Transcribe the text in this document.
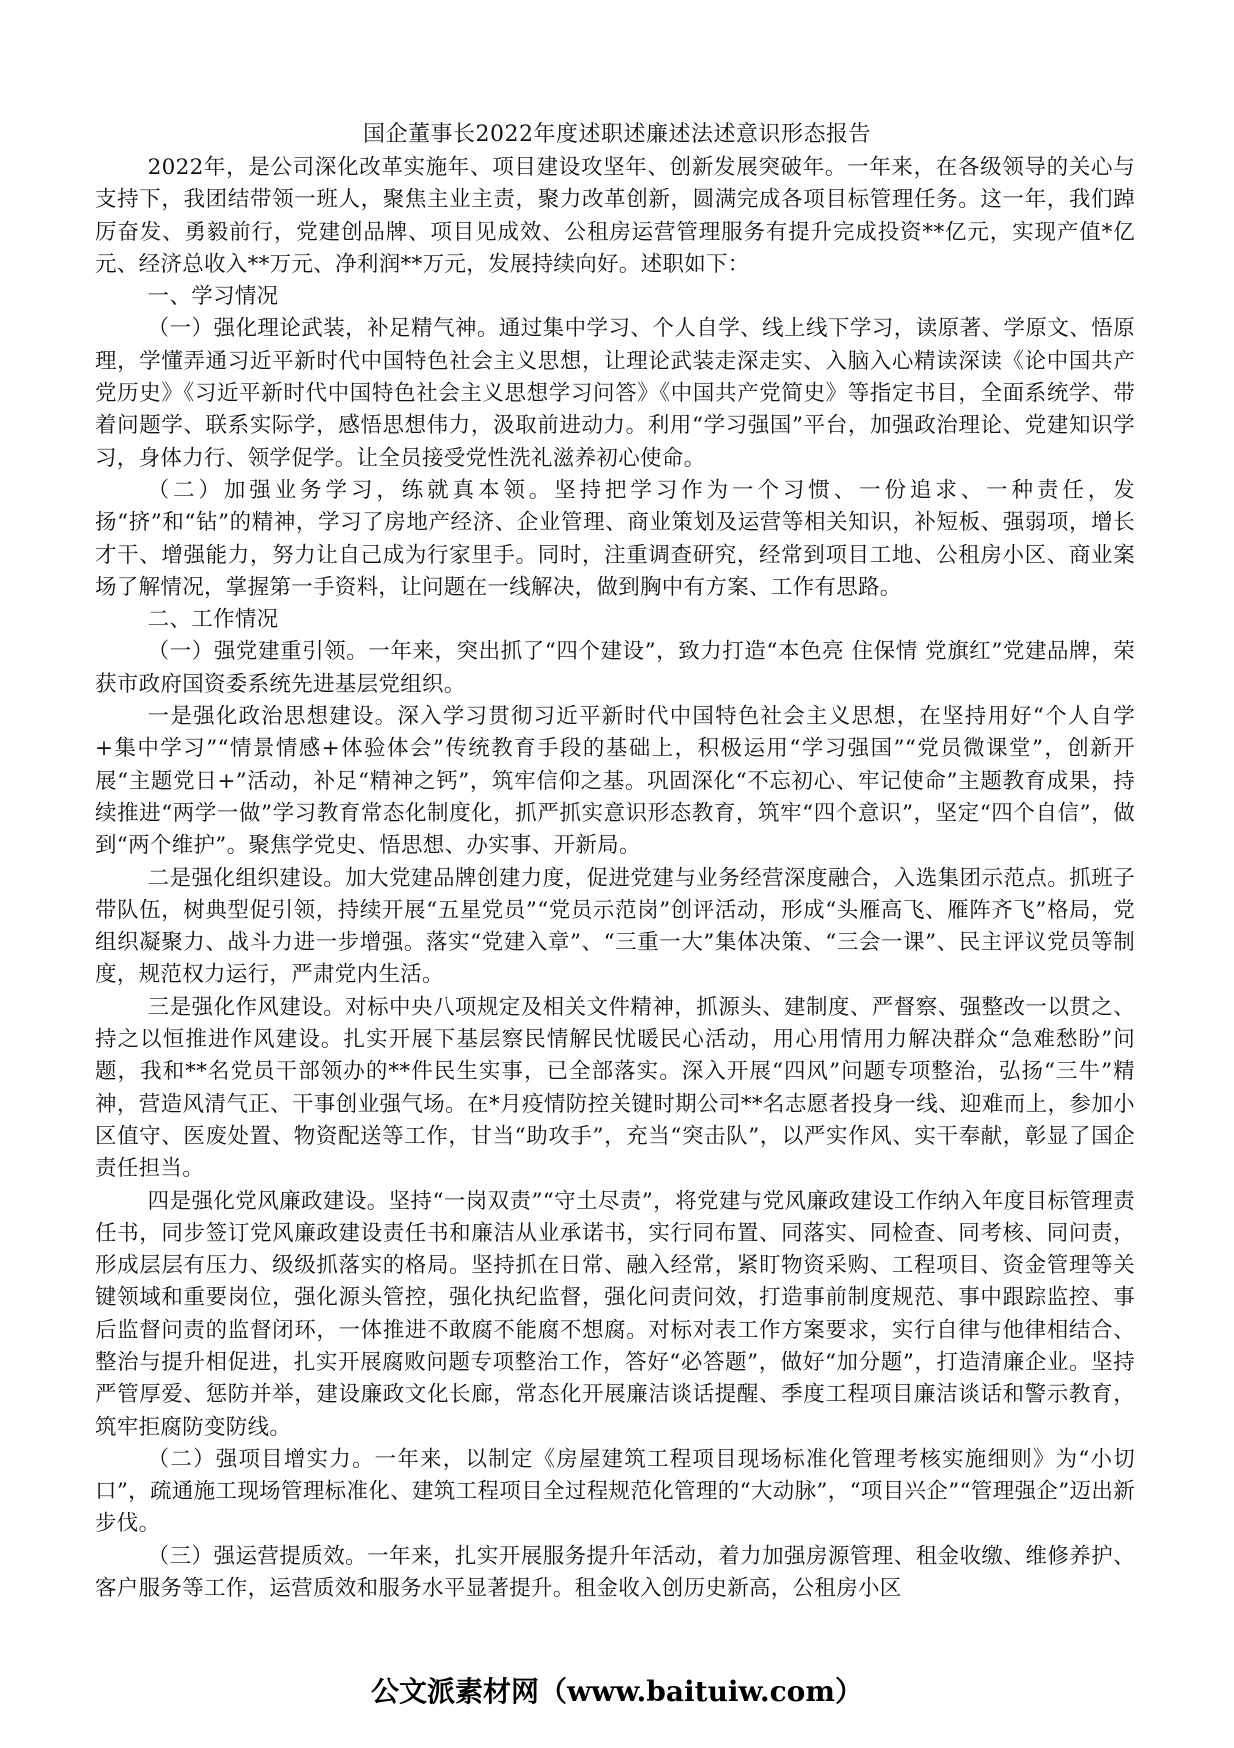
国企董事长2022年度述职述廉述法述意识形态报告

2022年，是公司深化改革实施年、项目建设攻坚年、创新发展突破年。一年来，在各级领导的关心与支持下，我团结带领一班人，聚焦主业主责，聚力改革创新，圆满完成各项目标管理任务。这一年，我们踔厉奋发、勇毅前行，党建创品牌、项目见成效、公租房运营管理服务有提升完成投资**亿元，实现产值*亿元、经济总收入**万元、净利润**万元，发展持续向好。述职如下：

一、学习情况

（一）强化理论武装，补足精气神。通过集中学习、个人自学、线上线下学习，读原著、学原文、悟原理，学懂弄通习近平新时代中国特色社会主义思想，让理论武装走深走实、入脑入心精读深读《论中国共产党历史》《习近平新时代中国特色社会主义思想学习问答》《中国共产党简史》等指定书目，全面系统学、带着问题学、联系实际学，感悟思想伟力，汲取前进动力。利用“学习强国”平台，加强政治理论、党建知识学习，身体力行、领学促学。让全员接受党性洗礼滋养初心使命。

（二）加强业务学习，练就真本领。坚持把学习作为一个习惯、一份追求、一种责任，发扬“挤”和“钻”的精神，学习了房地产经济、企业管理、商业策划及运营等相关知识，补短板、强弱项，增长才干、增强能力，努力让自己成为行家里手。同时，注重调查研究，经常到项目工地、公租房小区、商业案场了解情况，掌握第一手资料，让问题在一线解决，做到胸中有方案、工作有思路。

二、工作情况

（一）强党建重引领。一年来，突出抓了“四个建设”，致力打造“本色亮 住保情 党旗红”党建品牌，荣获市政府国资委系统先进基层党组织。

一是强化政治思想建设。深入学习贯彻习近平新时代中国特色社会主义思想，在坚持用好“个人自学+集中学习”“情景情感+体验体会”传统教育手段的基础上，积极运用“学习强国”“党员微课堂”，创新开展“主题党日+”活动，补足“精神之钙”，筑牢信仰之基。巩固深化“不忘初心、牢记使命”主题教育成果，持续推进“两学一做”学习教育常态化制度化，抓严抓实意识形态教育，筑牢“四个意识”，坚定“四个自信”，做到“两个维护”。聚焦学党史、悟思想、办实事、开新局。

二是强化组织建设。加大党建品牌创建力度，促进党建与业务经营深度融合，入选集团示范点。抓班子带队伍，树典型促引领，持续开展“五星党员”“党员示范岗”创评活动，形成“头雁高飞、雁阵齐飞”格局，党组织凝聚力、战斗力进一步增强。落实“党建入章”、“三重一大”集体决策、“三会一课”、民主评议党员等制度，规范权力运行，严肃党内生活。

三是强化作风建设。对标中央八项规定及相关文件精神，抓源头、建制度、严督察、强整改一以贯之、持之以恒推进作风建设。扎实开展下基层察民情解民忧暖民心活动，用心用情用力解决群众“急难愁盼”问题，我和**名党员干部领办的**件民生实事，已全部落实。深入开展“四风”问题专项整治，弘扬“三牛”精神，营造风清气正、干事创业强气场。在*月疫情防控关键时期公司**名志愿者投身一线、迎难而上，参加小区值守、医废处置、物资配送等工作，甘当“助攻手”，充当“突击队”，以严实作风、实干奉献，彰显了国企责任担当。

四是强化党风廉政建设。坚持“一岗双责”“守土尽责”，将党建与党风廉政建设工作纳入年度目标管理责任书，同步签订党风廉政建设责任书和廉洁从业承诺书，实行同布置、同落实、同检查、同考核、同问责，形成层层有压力、级级抓落实的格局。坚持抓在日常、融入经常，紧盯物资采购、工程项目、资金管理等关键领域和重要岗位，强化源头管控，强化执纪监督，强化问责问效，打造事前制度规范、事中跟踪监控、事后监督问责的监督闭环，一体推进不敢腐不能腐不想腐。对标对表工作方案要求，实行自律与他律相结合、整治与提升相促进，扎实开展腐败问题专项整治工作，答好“必答题”，做好“加分题”，打造清廉企业。坚持严管厚爱、惩防并举，建设廉政文化长廊，常态化开展廉洁谈话提醒、季度工程项目廉洁谈话和警示教育，筑牢拒腐防变防线。

（二）强项目增实力。一年来，以制定《房屋建筑工程项目现场标准化管理考核实施细则》为“小切口”，疏通施工现场管理标准化、建筑工程项目全过程规范化管理的“大动脉”，“项目兴企”“管理强企”迈出新步伐。

（三）强运营提质效。一年来，扎实开展服务提升年活动，着力加强房源管理、租金收缴、维修养护、客户服务等工作，运营质效和服务水平显著提升。租金收入创历史新高，公租房小区

公文派素材网（www.baituiw.com）
